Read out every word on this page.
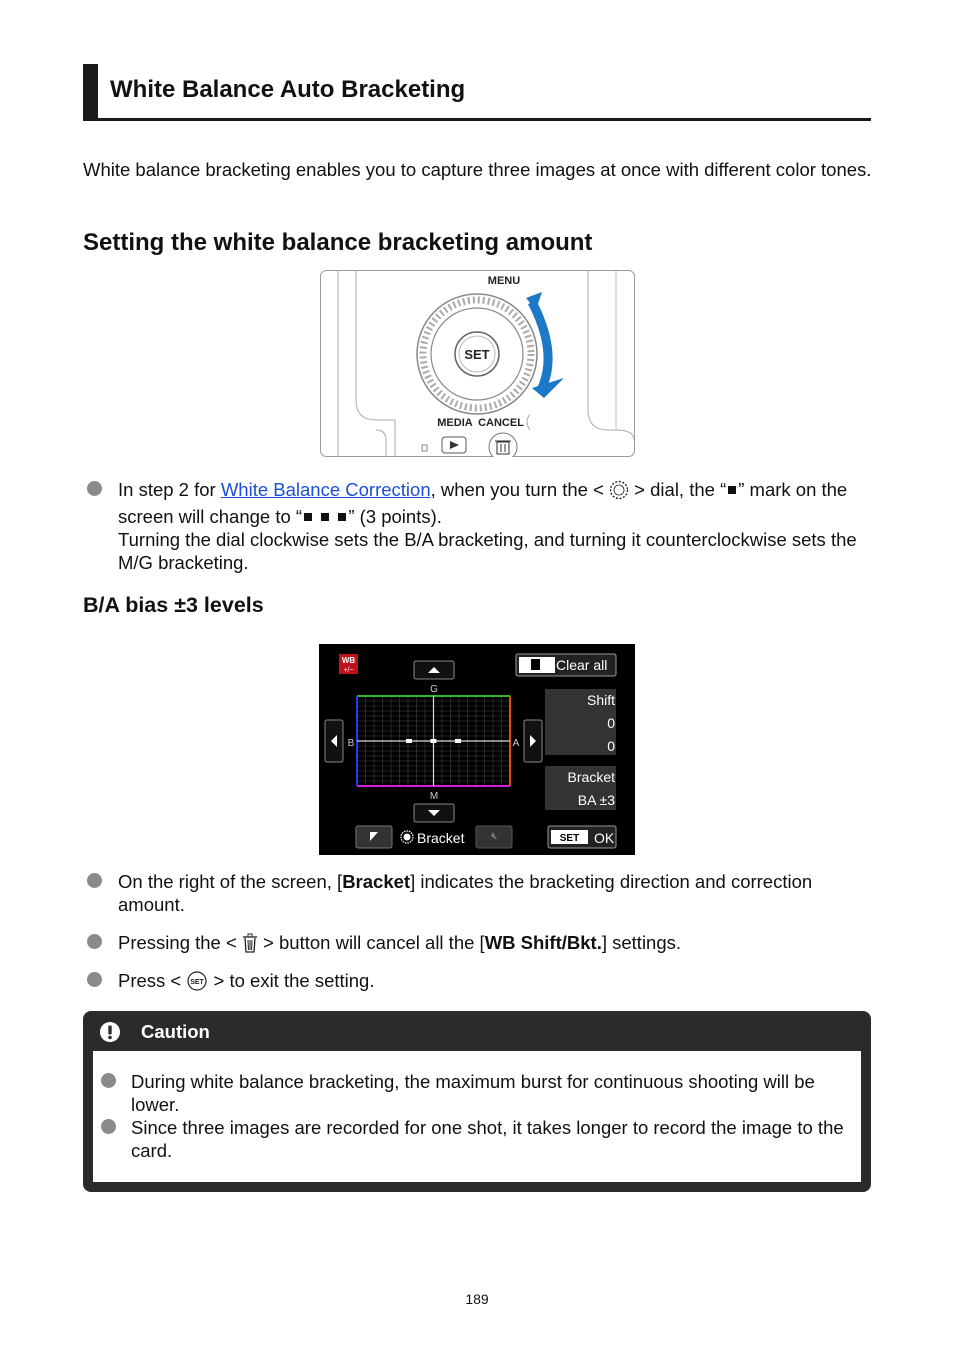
White Balance Auto Bracketing
White balance bracketing enables you to capture three images at once with different color tones.
Setting the white balance bracketing amount
SET
MENU
MEDIA CANCEL
In step 2 for White Balance Correction, when you turn the <  > dial, the “ ” mark on the screen will change to “	” (3 points).
Turning the dial clockwise sets the B/A bracketing, and turning it counterclockwise sets the M/G bracketing.
B/A bias ±3 levels
WB
+/−
G
Clear all
B	A
M
Shift
0
0
Bracket
BA ±3
Bracket	SET OK
On the right of the screen, [Bracket] indicates the bracketing direction and correction amount.
Pressing the <  > button will cancel all the [WB Shift/Bkt.] settings.
Press < SET > to exit the setting.
Caution
During white balance bracketing, the maximum burst for continuous shooting will be lower.
Since three images are recorded for one shot, it takes longer to record the image to the card.
189
